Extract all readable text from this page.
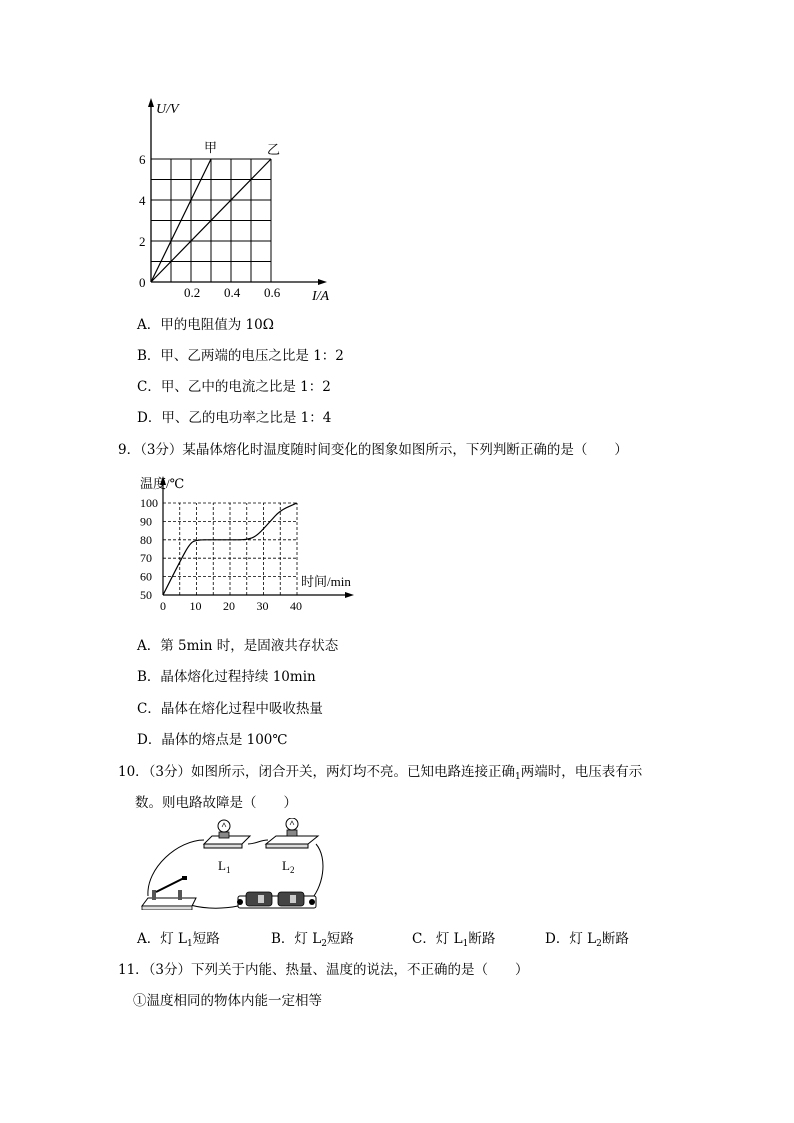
U/V
I/A
0
2
4
6
0.2 0.4 0.6
甲	乙
A．甲的电阻值为 10Ω
B．甲、乙两端的电压之比是 1：2
C．甲、乙中的电流之比是 1：2
D．甲、乙的电功率之比是 1：4
9．（3分）某晶体熔化时温度随时间变化的图象如图所示，下列判断正确的是（　　）
温度/℃
时间/min
50
60
70
80
90
100
0 10 20 30 40
A．第 5min 时，是固液共存状态
B．晶体熔化过程持续 10min
C．晶体在熔化过程中吸收热量
D．晶体的熔点是 100℃
10．（3分）如图所示，闭合开关，两灯均不亮。已知电路连接正确$_1$两端时，电压表有示
数。则电路故障是（　　）
$L_1$	$L_2$
A．灯 $L_1$短路	B．灯 $L_2$短路	C．灯 $L_1$断路	D．灯 $L_2$断路
11．（3分）下列关于内能、热量、温度的说法，不正确的是（　　）
①温度相同的物体内能一定相等
